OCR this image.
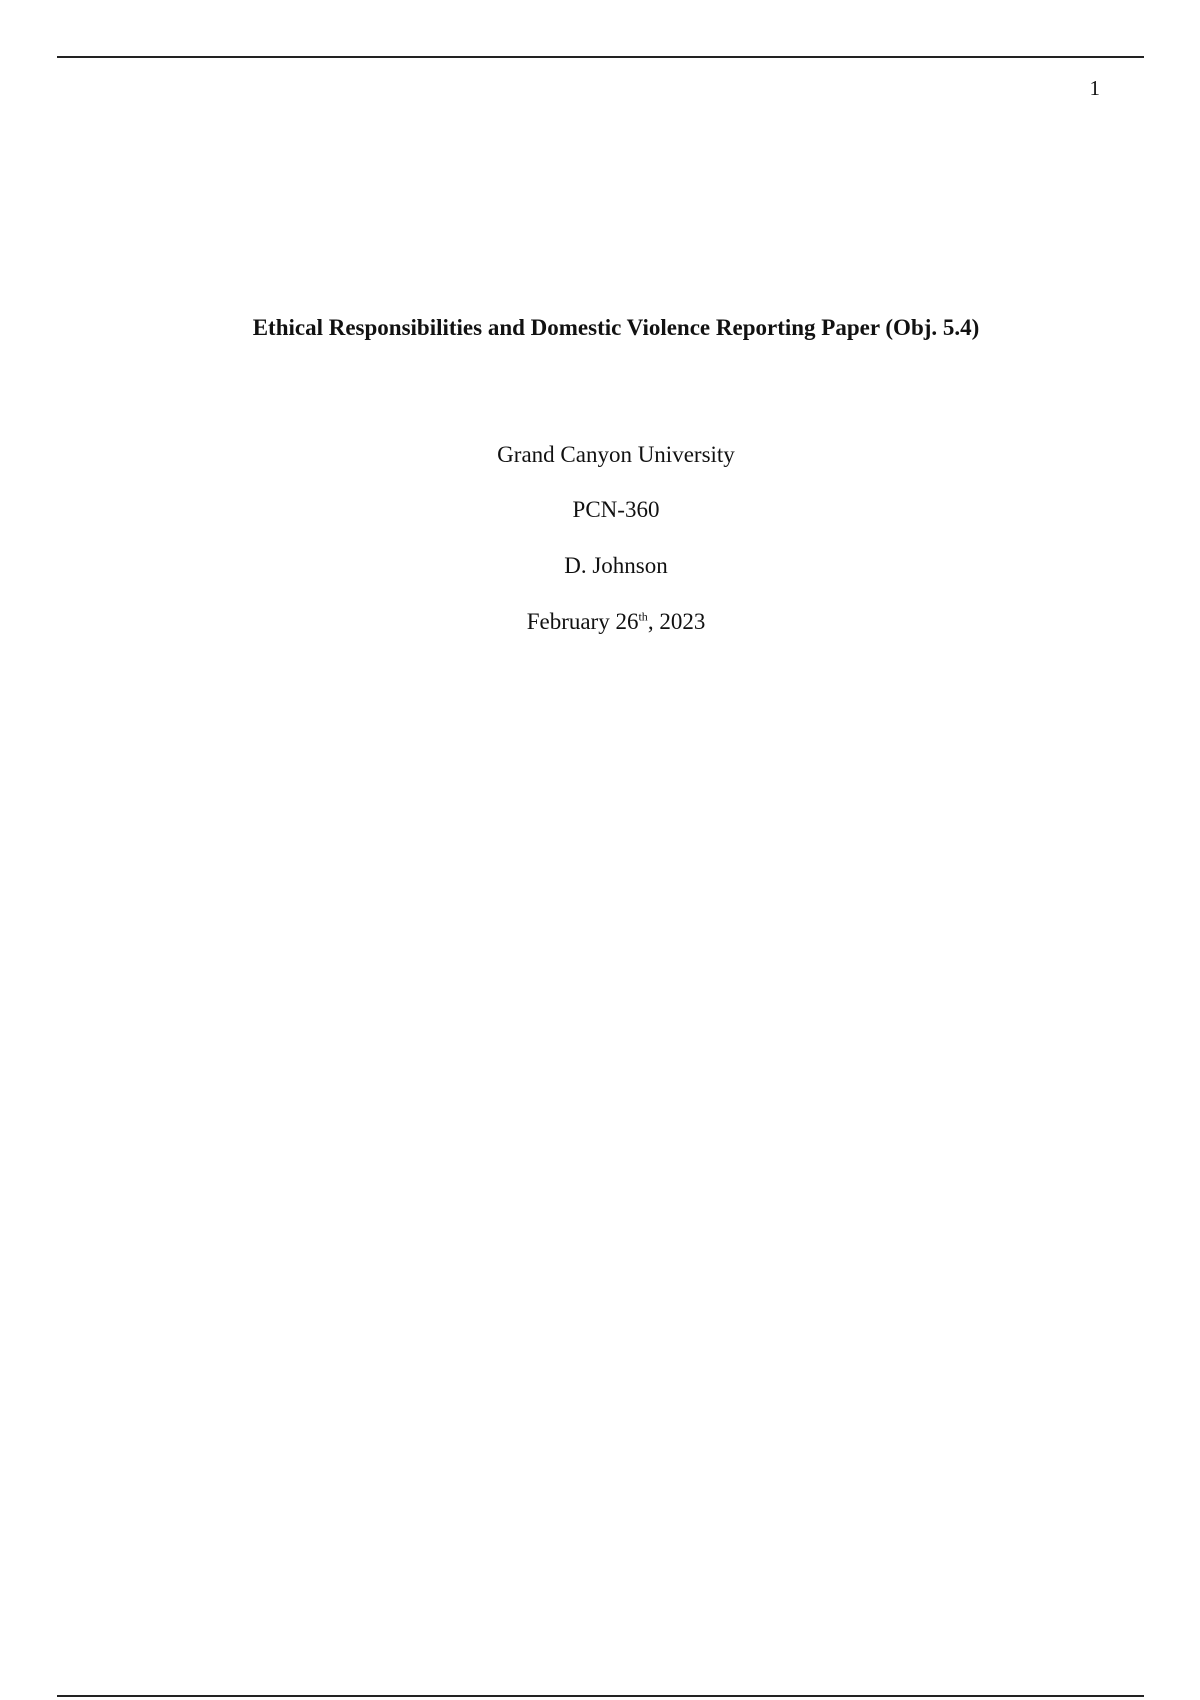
1
Ethical Responsibilities and Domestic Violence Reporting Paper (Obj. 5.4)
Grand Canyon University
PCN-360
D. Johnson
February 26th, 2023
